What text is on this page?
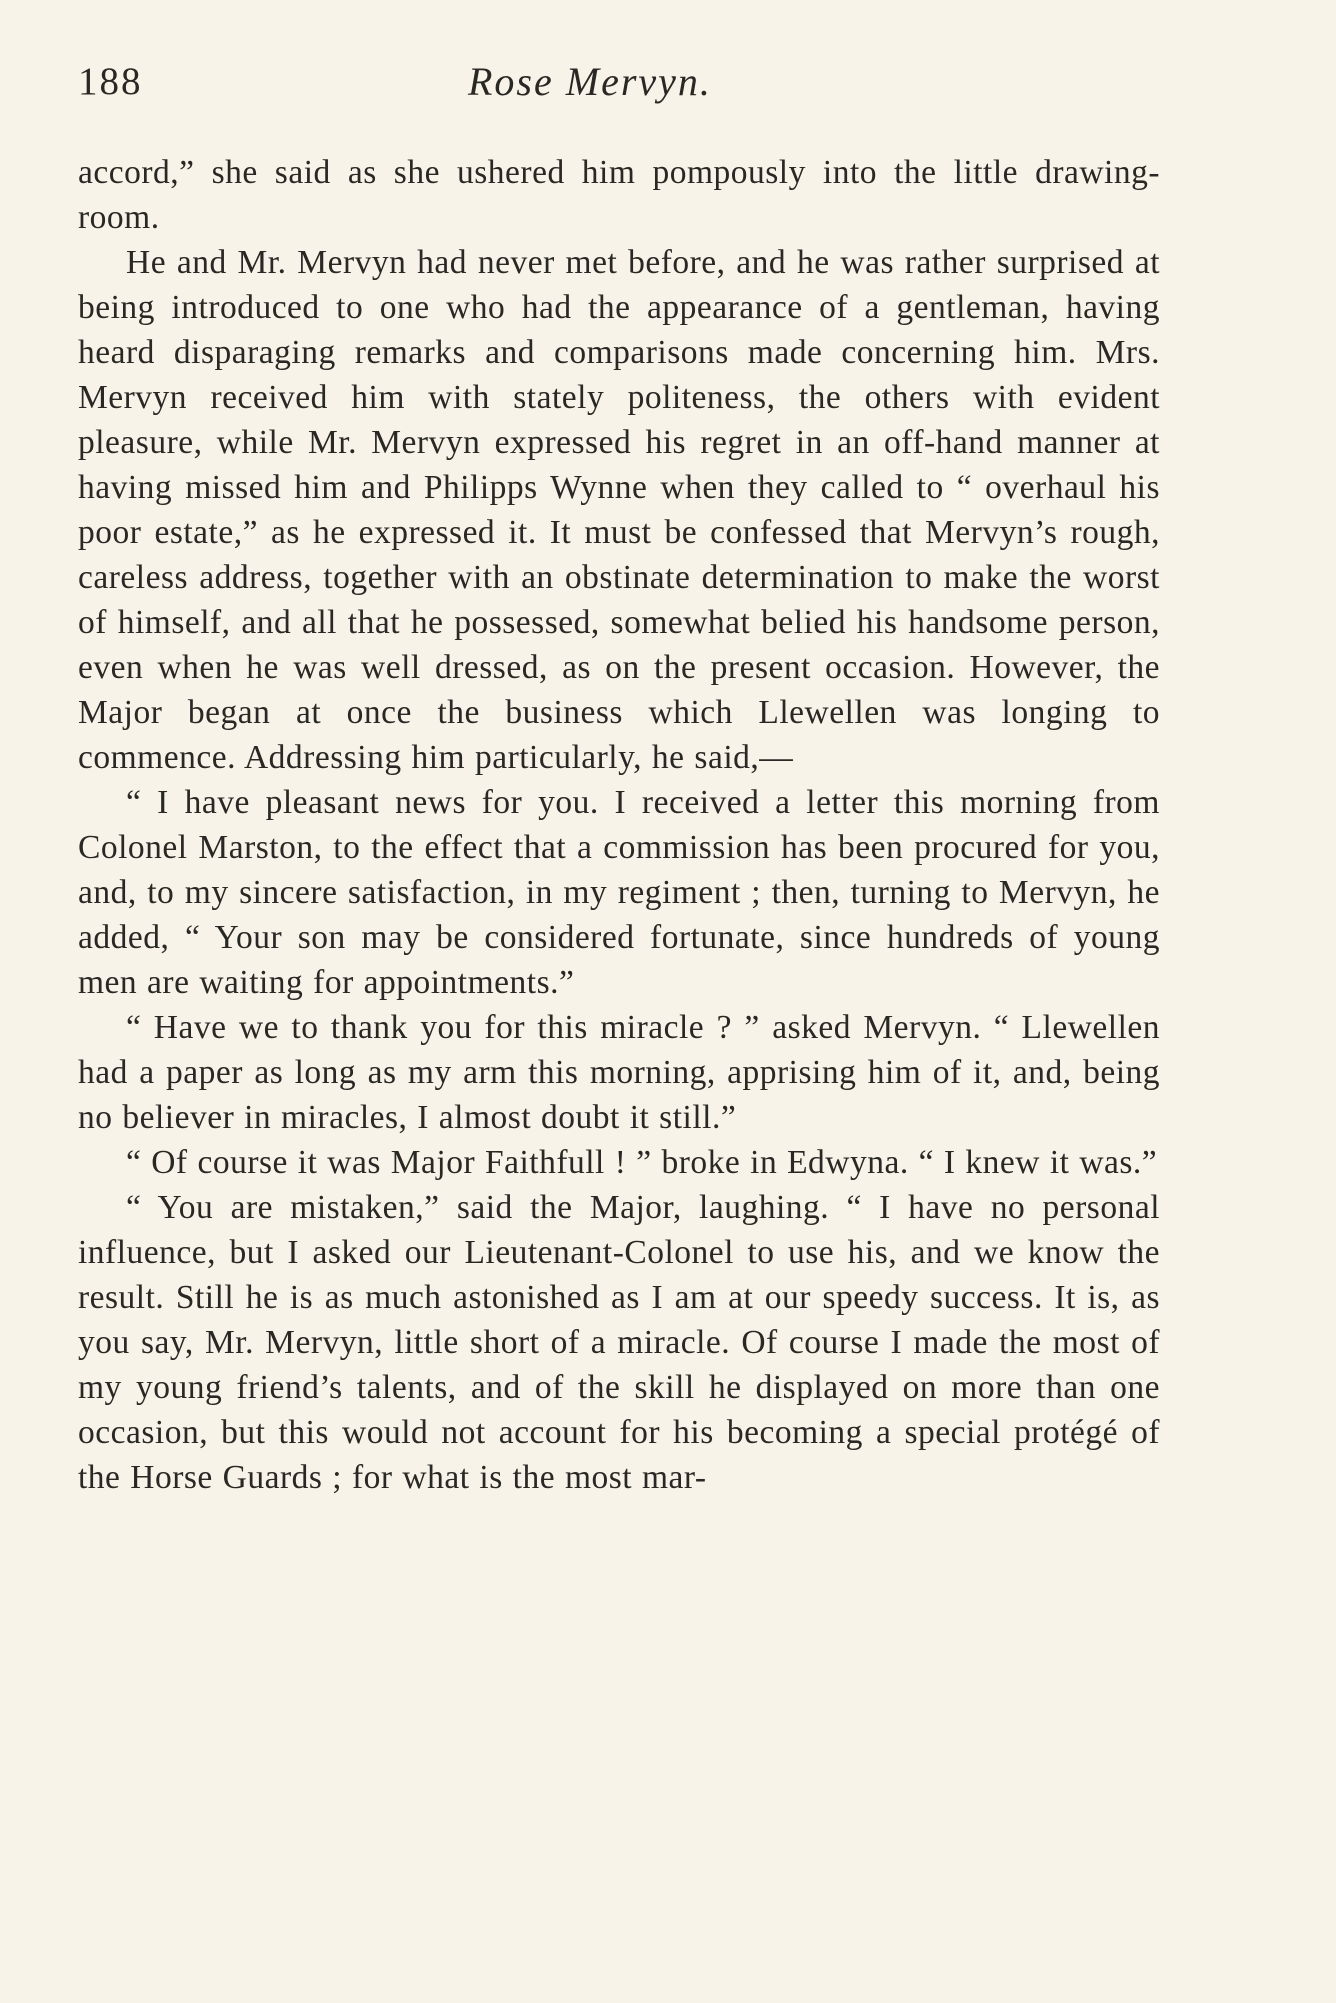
188	Rose Mervyn.

accord,” she said as she ushered him pompously into the little drawing-room.

He and Mr. Mervyn had never met before, and he was rather surprised at being introduced to one who had the appearance of a gentleman, having heard disparaging remarks and comparisons made concerning him. Mrs. Mervyn received him with stately politeness, the others with evident pleasure, while Mr. Mervyn expressed his regret in an off-hand manner at having missed him and Philipps Wynne when they called to “ overhaul his poor estate,” as he expressed it. It must be confessed that Mervyn’s rough, careless address, together with an obstinate determination to make the worst of himself, and all that he possessed, somewhat belied his handsome person, even when he was well dressed, as on the present occasion. However, the Major began at once the business which Llewellen was longing to commence. Addressing him particularly, he said,—

“ I have pleasant news for you. I received a letter this morning from Colonel Marston, to the effect that a commission has been procured for you, and, to my sincere satisfaction, in my regiment ; then, turning to Mervyn, he added, “ Your son may be considered fortunate, since hundreds of young men are waiting for appointments.”

“ Have we to thank you for this miracle ? ” asked Mervyn. “ Llewellen had a paper as long as my arm this morning, apprising him of it, and, being no believer in miracles, I almost doubt it still.”

“ Of course it was Major Faithfull ! ” broke in Edwyna. “ I knew it was.”

“ You are mistaken,” said the Major, laughing. “ I have no personal influence, but I asked our Lieutenant-Colonel to use his, and we know the result. Still he is as much astonished as I am at our speedy success. It is, as you say, Mr. Mervyn, little short of a miracle. Of course I made the most of my young friend’s talents, and of the skill he displayed on more than one occasion, but this would not account for his becoming a special protégé of the Horse Guards ; for what is the most mar-
